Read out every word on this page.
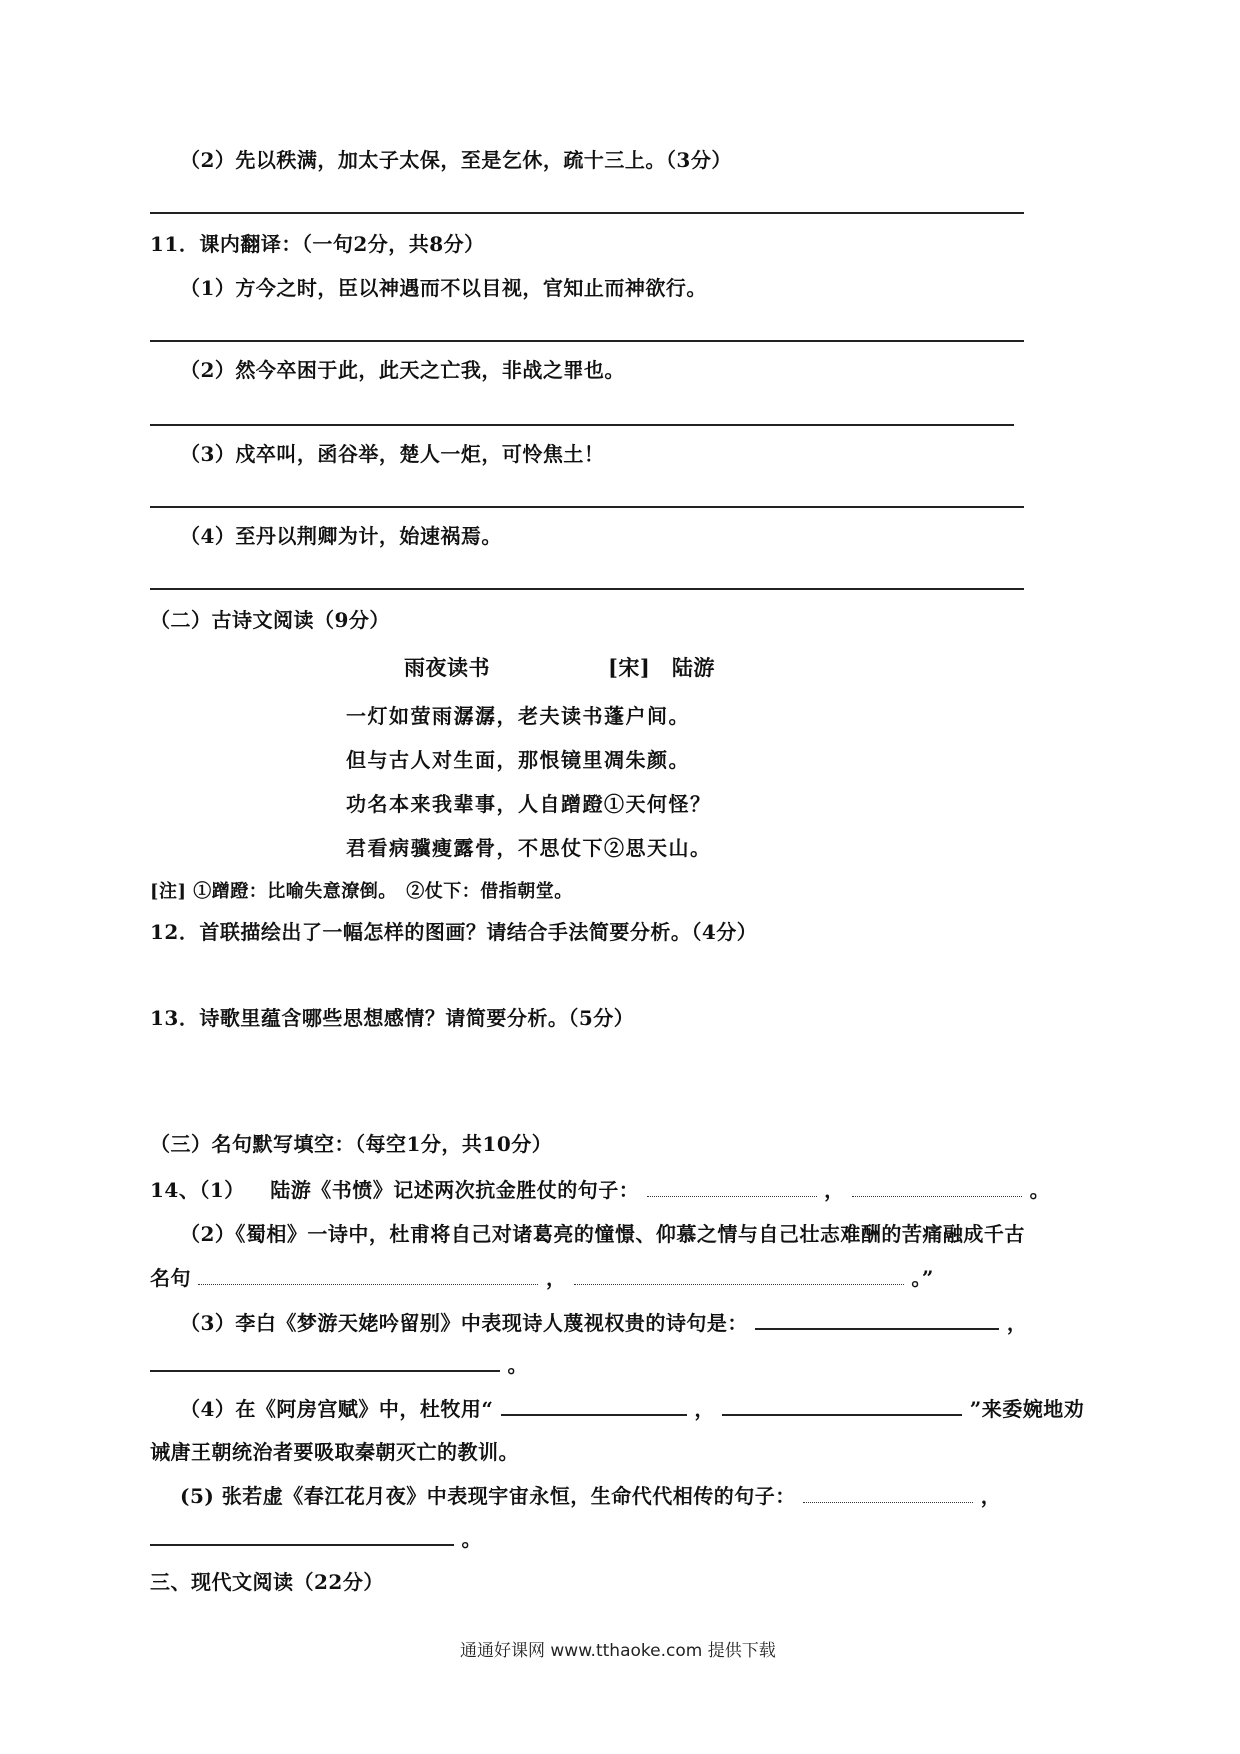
（2）先以秩满，加太子太保，至是乞休，疏十三上。（3分）
11．课内翻译：（一句2分，共8分）
（1）方今之时，臣以神遇而不以目视，官知止而神欲行。
（2）然今卒困于此，此天之亡我，非战之罪也。
（3）戍卒叫，函谷举，楚人一炬，可怜焦土！
（4）至丹以荆卿为计，始速祸焉。
（二）古诗文阅读（9分）
雨夜读书	[宋]　陆游
一灯如萤雨潺潺，老夫读书蓬户间。
但与古人对生面，那恨镜里凋朱颜。
功名本来我辈事，人自蹭蹬①天何怪？
君看病骥瘦露骨，不思仗下②思天山。
[注] ①蹭蹬：比喻失意潦倒。　②仗下：借指朝堂。
12．首联描绘出了一幅怎样的图画？请结合手法简要分析。（4分）
13．诗歌里蕴含哪些思想感情？请简要分析。（5分）
（三）名句默写填空：（每空1分，共10分）
14、（1） 陆游《书愤》记述两次抗金胜仗的句子：	，	。
（2）《蜀相》一诗中，杜甫将自己对诸葛亮的憧憬、仰慕之情与自己壮志难酬的苦痛融成千古
名句	，	。”
（3）李白《梦游天姥吟留别》中表现诗人蔑视权贵的诗句是：	，
。
（4）在《阿房宫赋》中，杜牧用“	，	”来委婉地劝
诫唐王朝统治者要吸取秦朝灭亡的教训。
(5) 张若虚《春江花月夜》中表现宇宙永恒，生命代代相传的句子：	，
。
三、现代文阅读（22分）
通通好课网 www.tthaoke.com 提供下载
